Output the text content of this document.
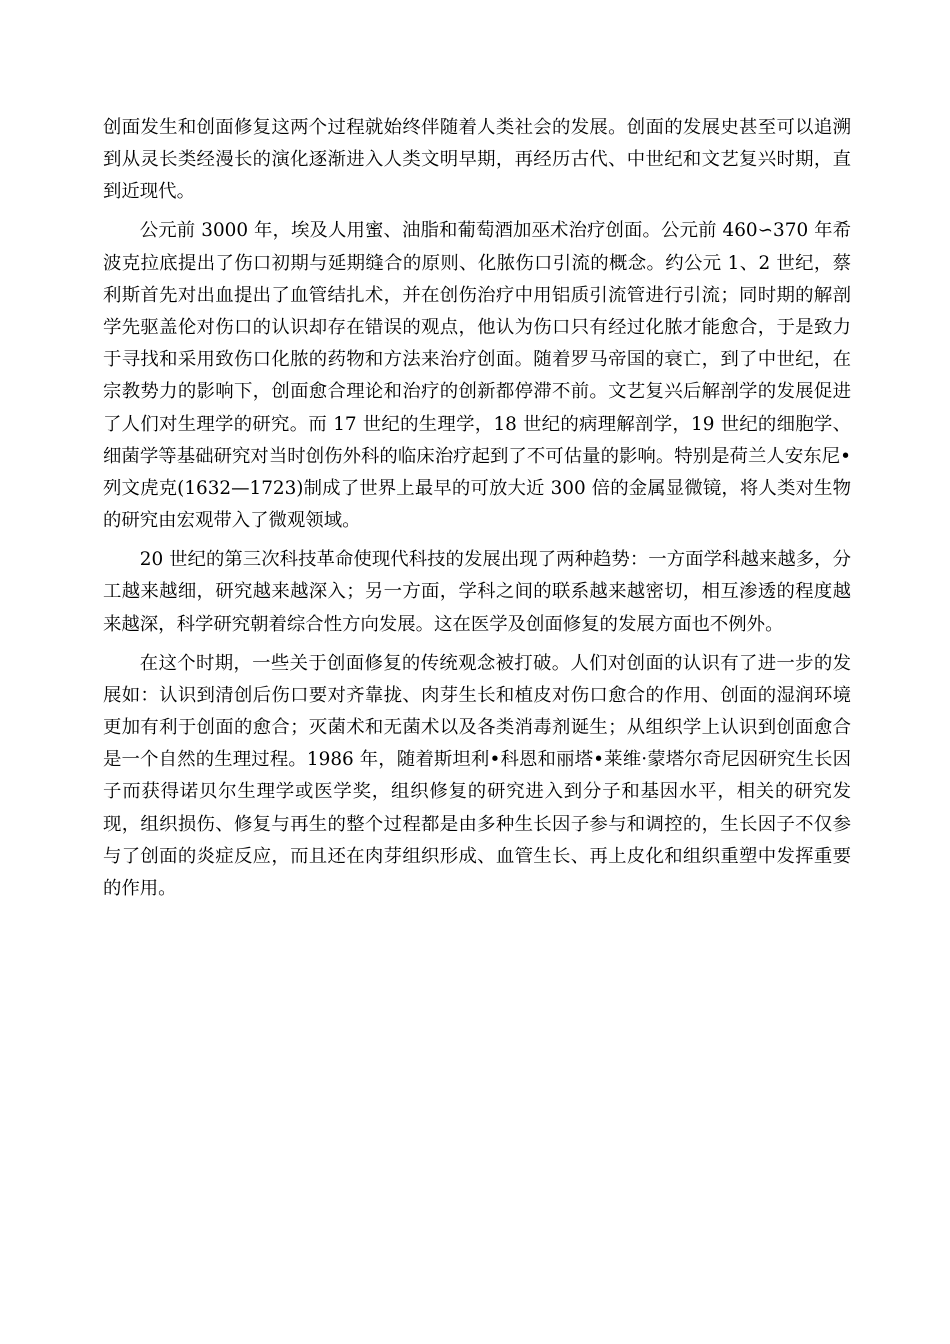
创面发生和创面修复这两个过程就始终伴随着人类社会的发展。创面的发展史甚至可以追溯到从灵长类经漫长的演化逐渐进入人类文明早期，再经历古代、中世纪和文艺复兴时期，直到近现代。

公元前 3000 年，埃及人用蜜、油脂和葡萄酒加巫术治疗创面。公元前 460∽370 年希波克拉底提出了伤口初期与延期缝合的原则、化脓伤口引流的概念。约公元 1、2 世纪，蔡利斯首先对出血提出了血管结扎术，并在创伤治疗中用铝质引流管进行引流；同时期的解剖学先驱盖伦对伤口的认识却存在错误的观点，他认为伤口只有经过化脓才能愈合，于是致力于寻找和采用致伤口化脓的药物和方法来治疗创面。随着罗马帝国的衰亡，到了中世纪，在宗教势力的影响下，创面愈合理论和治疗的创新都停滞不前。文艺复兴后解剖学的发展促进了人们对生理学的研究。而 17 世纪的生理学，18 世纪的病理解剖学，19 世纪的细胞学、细菌学等基础研究对当时创伤外科的临床治疗起到了不可估量的影响。特别是荷兰人安东尼•列文虎克(1632—1723)制成了世界上最早的可放大近 300 倍的金属显微镜，将人类对生物的研究由宏观带入了微观领域。

20 世纪的第三次科技革命使现代科技的发展出现了两种趋势：一方面学科越来越多，分工越来越细，研究越来越深入；另一方面，学科之间的联系越来越密切，相互渗透的程度越来越深，科学研究朝着综合性方向发展。这在医学及创面修复的发展方面也不例外。

在这个时期，一些关于创面修复的传统观念被打破。人们对创面的认识有了进一步的发展如：认识到清创后伤口要对齐靠拢、肉芽生长和植皮对伤口愈合的作用、创面的湿润环境更加有利于创面的愈合；灭菌术和无菌术以及各类消毒剂诞生；从组织学上认识到创面愈合是一个自然的生理过程。1986 年，随着斯坦利•科恩和丽塔•莱维·蒙塔尔奇尼因研究生长因子而获得诺贝尔生理学或医学奖，组织修复的研究进入到分子和基因水平，相关的研究发现，组织损伤、修复与再生的整个过程都是由多种生长因子参与和调控的，生长因子不仅参与了创面的炎症反应，而且还在肉芽组织形成、血管生长、再上皮化和组织重塑中发挥重要的作用。
